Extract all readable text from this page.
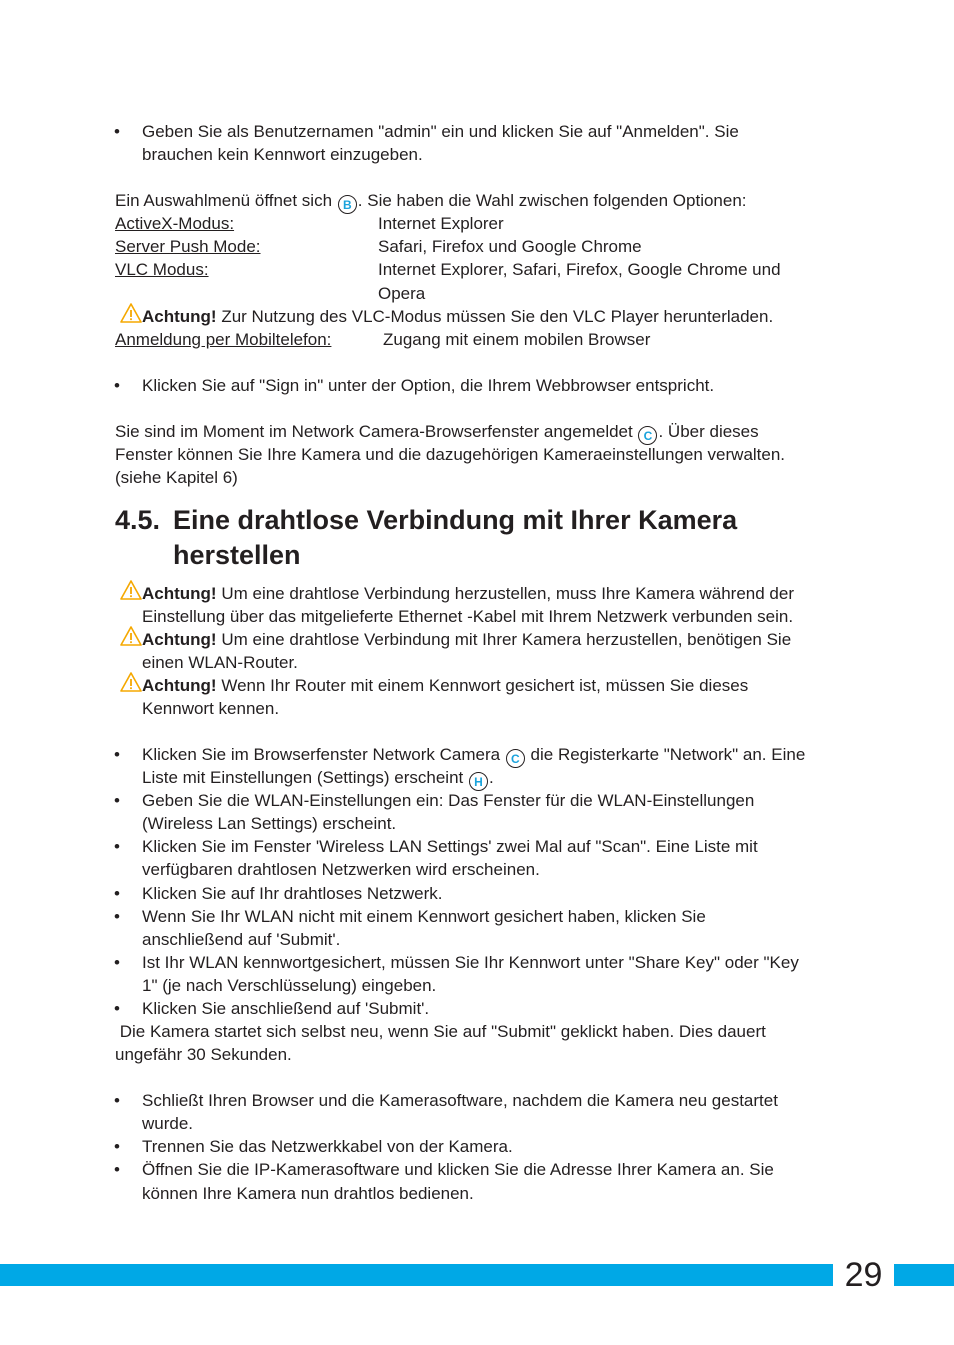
• Geben Sie als Benutzernamen "admin" ein und klicken Sie auf "Anmelden". Sie
brauchen kein Kennwort einzugeben.
Ein Auswahlmenü öffnet sich B . Sie haben die Wahl zwischen folgenden Optionen:
ActiveX-Modus:	Internet Explorer
Server Push Mode:	Safari, Firefox und Google Chrome
VLC Modus:	Internet Explorer, Safari, Firefox, Google Chrome und
Opera
Achtung! Zur Nutzung des VLC-Modus müssen Sie den VLC Player herunterladen.
Anmeldung per Mobiltelefon:	Zugang mit einem mobilen Browser
• Klicken Sie auf "Sign in" unter der Option, die Ihrem Webbrowser entspricht.
Sie sind im Moment im Network Camera-Browserfenster angemeldet C . Über dieses
Fenster können Sie Ihre Kamera und die dazugehörigen Kameraeinstellungen verwalten.
(siehe Kapitel 6)
4.5. Eine drahtlose Verbindung mit Ihrer Kamera
herstellen
Achtung! Um eine drahtlose Verbindung herzustellen, muss Ihre Kamera während der
Einstellung über das mitgelieferte Ethernet -Kabel mit Ihrem Netzwerk verbunden sein.
Achtung! Um eine drahtlose Verbindung mit Ihrer Kamera herzustellen, benötigen Sie
einen WLAN-Router.
Achtung! Wenn Ihr Router mit einem Kennwort gesichert ist, müssen Sie dieses
Kennwort kennen.
• Klicken Sie im Browserfenster Network Camera C die Registerkarte "Network" an. Eine
Liste mit Einstellungen (Settings) erscheint H .
• Geben Sie die WLAN-Einstellungen ein: Das Fenster für die WLAN-Einstellungen
(Wireless Lan Settings) erscheint.
• Klicken Sie im Fenster 'Wireless LAN Settings' zwei Mal auf "Scan". Eine Liste mit
verfügbaren drahtlosen Netzwerken wird erscheinen.
• Klicken Sie auf Ihr drahtloses Netzwerk.
• Wenn Sie Ihr WLAN nicht mit einem Kennwort gesichert haben, klicken Sie
anschließend auf 'Submit'.
• Ist Ihr WLAN kennwortgesichert, müssen Sie Ihr Kennwort unter "Share Key" oder "Key
1" (je nach Verschlüsselung) eingeben.
• Klicken Sie anschließend auf 'Submit'.
Die Kamera startet sich selbst neu, wenn Sie auf "Submit" geklickt haben. Dies dauert
ungefähr 30 Sekunden.
• Schließt Ihren Browser und die Kamerasoftware, nachdem die Kamera neu gestartet
wurde.
• Trennen Sie das Netzwerkkabel von der Kamera.
• Öffnen Sie die IP-Kamerasoftware und klicken Sie die Adresse Ihrer Kamera an. Sie
können Ihre Kamera nun drahtlos bedienen.
29
